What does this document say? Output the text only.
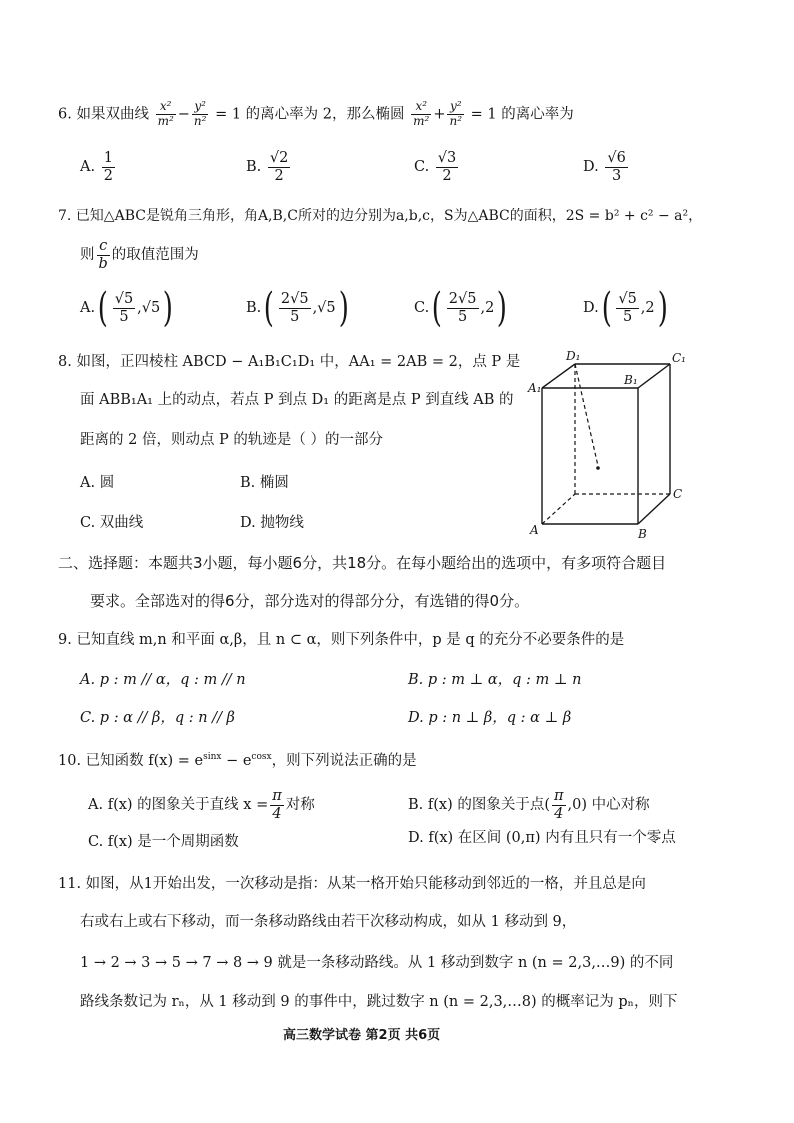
6. 如果双曲线 $\frac{\text{x²}}{\text{m²}} - \frac{\text{y²}}{\text{n²}} = 1$ 的离心率为 2，那么椭圆 $\frac{\text{x²}}{\text{m²}} + \frac{\text{y²}}{\text{n²}} = 1$ 的离心率为
A. $\frac{1}{2}$	B. $\frac{√2}{2}$	C. $\frac{√3}{2}$	D. $\frac{√6}{3}$
7. 已知△ABC是锐角三角形，角A,B,C所对的边分别为a,b,c，S为△ABC的面积，2S = b² + c² − a²，
则 $\frac{c}{b}$ 的取值范围为
$A.( \frac{√5}{5} ,√5)$	$B.( \frac{2√5}{5} ,√5)$	$C.( \frac{2√5}{5} ,2)$	$D.( \frac{√5}{5} ,2)$
8. 如图，正四棱柱 ABCD − A₁B₁C₁D₁ 中，AA₁ = 2AB = 2，点 P 是
面 ABB₁A₁ 上的动点，若点 P 到点 D₁ 的距离是点 P 到直线 AB 的
距离的 2 倍，则动点 P 的轨迹是（ ）的一部分
A. 圆	B. 椭圆
C. 双曲线	D. 抛物线
D₁	C₁
A₁
B₁
C
A	B
二、选择题：本题共3小题，每小题6分，共18分。在每小题给出的选项中，有多项符合题目
要求。全部选对的得6分，部分选对的得部分分，有选错的得0分。
9. 已知直线 m,n 和平面 α,β，且 n ⊂ α，则下列条件中，p 是 q 的充分不必要条件的是
A. p : m // α，q : m // n	B. p : m ⊥ α，q : m ⊥ n
C. p : α // β，q : n // β	D. p : n ⊥ β，q : α ⊥ β
10. 已知函数 $f(x) = e^{sinx} - e^{cosx}$，则下列说法正确的是
A. f(x) 的图象关于直线 $x = \frac{\pi}{4}$ 对称	B. f(x) 的图象关于点( $\frac{\pi}{4} ,0$) 中心对称
C. f(x) 是一个周期函数	D. f(x) 在区间 (0,π) 内有且只有一个零点
11. 如图，从1开始出发，一次移动是指：从某一格开始只能移动到邻近的一格，并且总是向
右或右上或右下移动，而一条移动路线由若干次移动构成，如从 1 移动到 9，
1 → 2 → 3 → 5 → 7 → 8 → 9 就是一条移动路线。从 1 移动到数字 n (n = 2,3,…9) 的不同
路线条数记为 rₙ，从 1 移动到 9 的事件中，跳过数字 n (n = 2,3,…8) 的概率记为 pₙ，则下
高三数学试卷 第2页 共6页
